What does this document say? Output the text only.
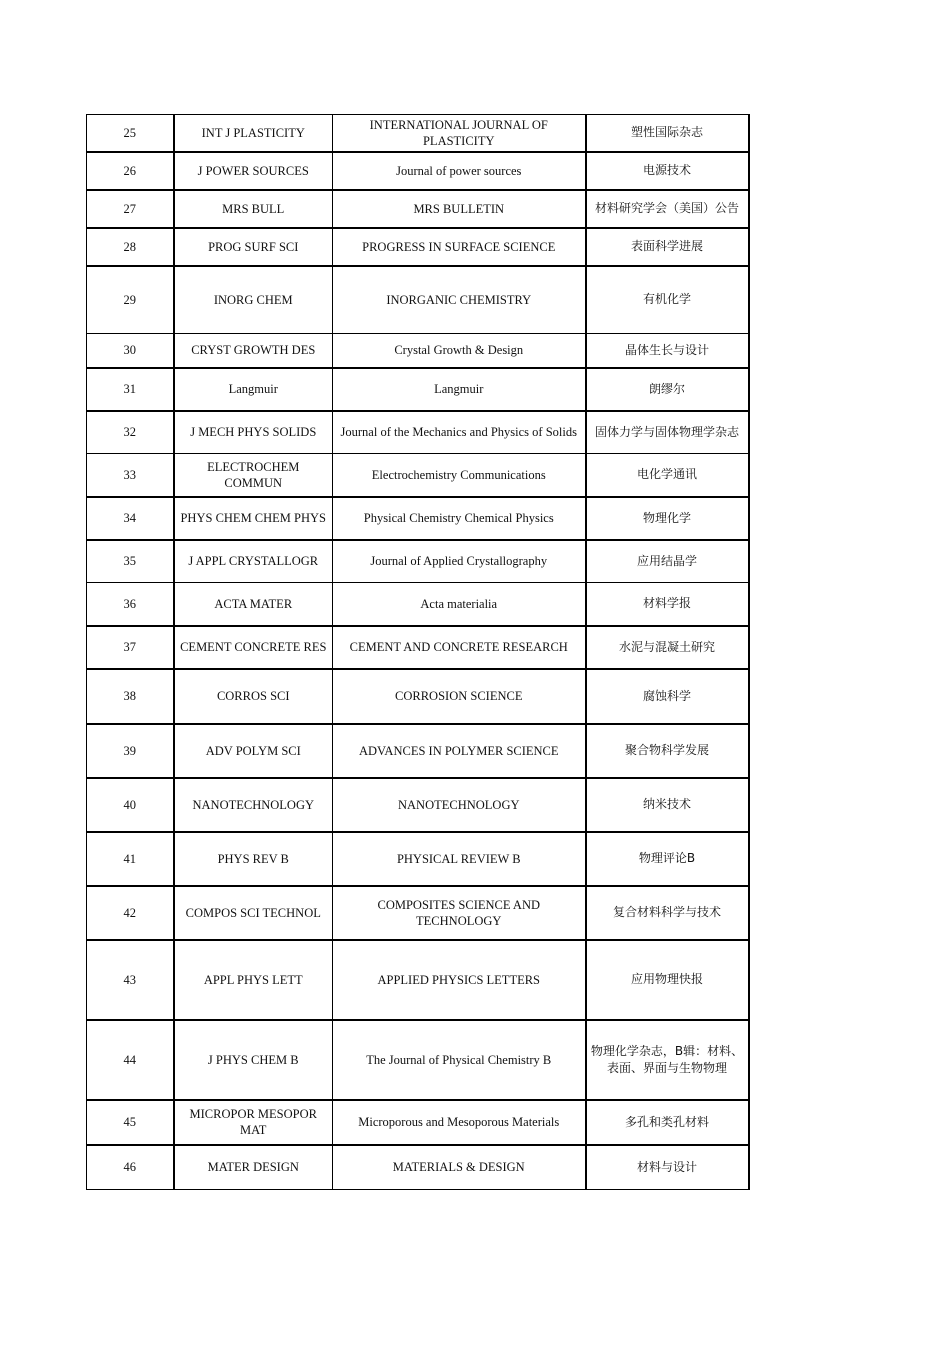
25	INT J PLASTICITY	INTERNATIONAL JOURNAL OF PLASTICITY	塑性国际杂志
26	J POWER SOURCES	Journal of power sources	电源技术
27	MRS BULL	MRS BULLETIN	材料研究学会（美国）公告
28	PROG SURF SCI	PROGRESS IN SURFACE SCIENCE	表面科学进展
29	INORG CHEM	INORGANIC CHEMISTRY	有机化学
30	CRYST GROWTH DES	Crystal Growth & Design	晶体生长与设计
31	Langmuir	Langmuir	朗缪尔
32	J MECH PHYS SOLIDS	Journal of the Mechanics and Physics of Solids	固体力学与固体物理学杂志
33	ELECTROCHEM COMMUN	Electrochemistry Communications	电化学通讯
34	PHYS CHEM CHEM PHYS	Physical Chemistry Chemical Physics	物理化学
35	J APPL CRYSTALLOGR	Journal of Applied Crystallography	应用结晶学
36	ACTA MATER	Acta materialia	材料学报
37	CEMENT CONCRETE RES	CEMENT AND CONCRETE RESEARCH	水泥与混凝土研究
38	CORROS SCI	CORROSION SCIENCE	腐蚀科学
39	ADV POLYM SCI	ADVANCES IN POLYMER SCIENCE	聚合物科学发展
40	NANOTECHNOLOGY	NANOTECHNOLOGY	纳米技术
41	PHYS REV B	PHYSICAL REVIEW B	物理评论B
42	COMPOS SCI TECHNOL	COMPOSITES SCIENCE AND TECHNOLOGY	复合材料科学与技术
43	APPL PHYS LETT	APPLIED PHYSICS LETTERS	应用物理快报
44	J PHYS CHEM B	The Journal of Physical Chemistry B	物理化学杂志，B辑：材料、表面、界面与生物物理
45	MICROPOR MESOPOR MAT	Microporous and Mesoporous Materials	多孔和类孔材料
46	MATER DESIGN	MATERIALS & DESIGN	材料与设计
